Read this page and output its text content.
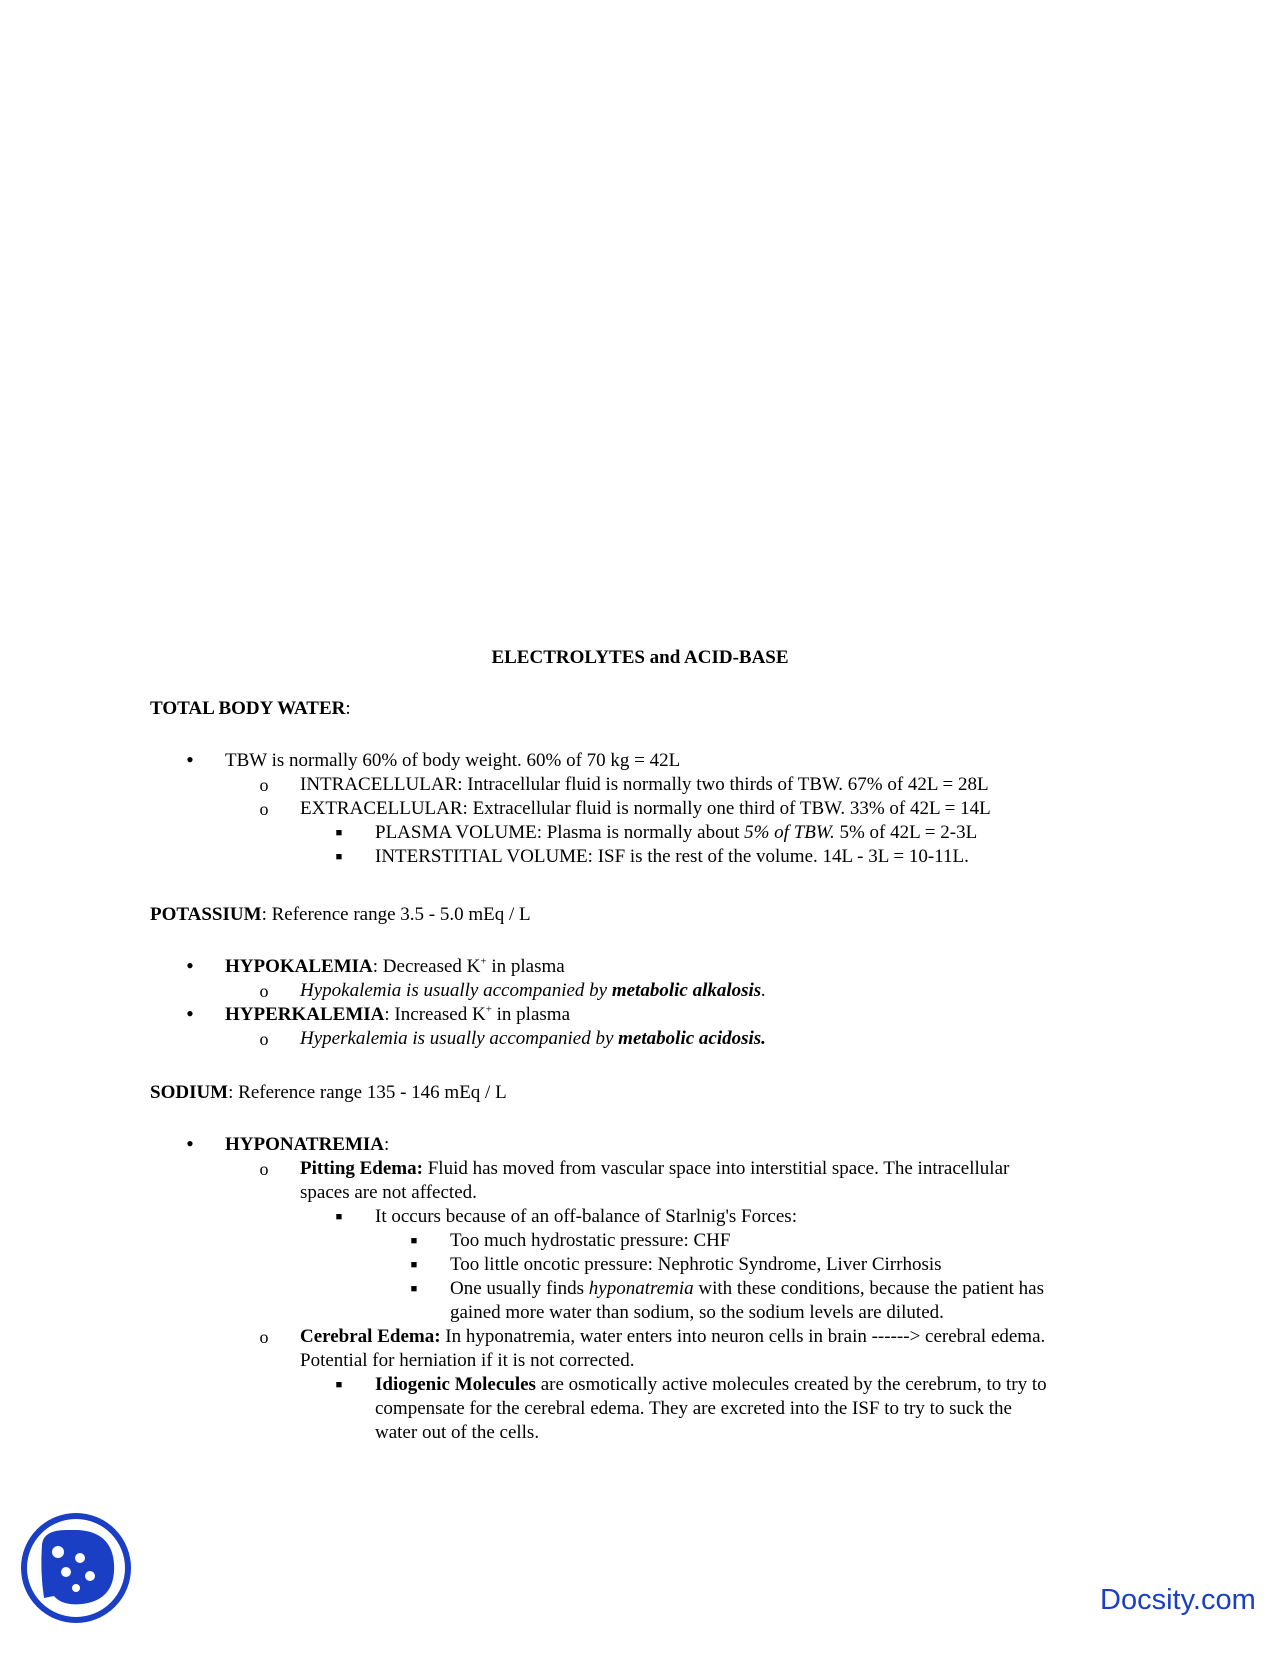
ELECTROLYTES and ACID-BASE
TOTAL BODY WATER:
•	TBW is normally 60% of body weight. 60% of 70 kg = 42L
o INTRACELLULAR: Intracellular fluid is normally two thirds of TBW. 67% of 42L = 28L
o EXTRACELLULAR: Extracellular fluid is normally one third of TBW. 33% of 42L = 14L
■	PLASMA VOLUME: Plasma is normally about 5% of TBW. 5% of 42L = 2-3L
■	INTERSTITIAL VOLUME: ISF is the rest of the volume. 14L - 3L = 10-11L.
POTASSIUM: Reference range 3.5 - 5.0 mEq / L
•	HYPOKALEMIA: Decreased K+ in plasma
o Hypokalemia is usually accompanied by metabolic alkalosis.
•	HYPERKALEMIA: Increased K+ in plasma
o Hyperkalemia is usually accompanied by metabolic acidosis.
SODIUM: Reference range 135 - 146 mEq / L
•	HYPONATREMIA:
o Pitting Edema: Fluid has moved from vascular space into interstitial space. The intracellular
spaces are not affected.
■	It occurs because of an off-balance of Starlnig's Forces:
■	Too much hydrostatic pressure: CHF
■	Too little oncotic pressure: Nephrotic Syndrome, Liver Cirrhosis
■	One usually finds hyponatremia with these conditions, because the patient has
gained more water than sodium, so the sodium levels are diluted.
o Cerebral Edema: In hyponatremia, water enters into neuron cells in brain ------> cerebral edema.
Potential for herniation if it is not corrected.
■	Idiogenic Molecules are osmotically active molecules created by the cerebrum, to try to
compensate for the cerebral edema. They are excreted into the ISF to try to suck the
water out of the cells.
Docsity.com
